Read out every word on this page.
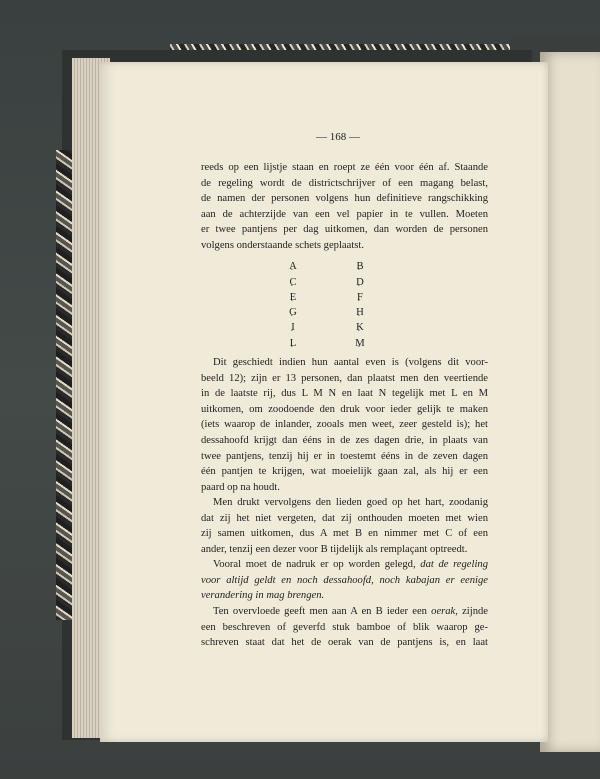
— 168 —
reeds op een lijstje staan en roept ze één voor één af. Staande
de regeling wordt de districtschrijver of een magang belast,
de namen der personen volgens hun definitieve rangschikking
aan de achterzijde van een vel papier in te vullen. Moeten
er twee pantjens per dag uitkomen, dan worden de personen
volgens onderstaande schets geplaatst.
A •
C •
E •
G •
I •
L •
B •
D •
F •
H •
K •
M •
Dit geschiedt indien hun aantal even is (volgens dit voor-
beeld 12); zijn er 13 personen, dan plaatst men den veertiende
in de laatste rij, dus L M N en laat N tegelijk met L en M
uitkomen, om zoodoende den druk voor ieder gelijk te maken
(iets waarop de inlander, zooals men weet, zeer gesteld is); het
dessahoofd krijgt dan ééns in de zes dagen drie, in plaats van
twee pantjens, tenzij hij er in toestemt ééns in de zeven dagen
één pantjen te krijgen, wat moeielijk gaan zal, als hij er een
paard op na houdt.
Men drukt vervolgens den lieden goed op het hart, zoodanig
dat zij het niet vergeten, dat zij onthouden moeten met wien
zij samen uitkomen, dus A met B en nimmer met C of een
ander, tenzij een dezer voor B tijdelijk als remplaçant optreedt.
Vooral moet de nadruk er op worden gelegd, dat de regeling
voor altijd geldt en noch dessahoofd, noch kabajan er eenige
verandering in mag brengen.
Ten overvloede geeft men aan A en B ieder een oerak, zijnde
een beschreven of geverfd stuk bamboe of blik waarop ge-
schreven staat dat het de oerak van de pantjens is, en laat
